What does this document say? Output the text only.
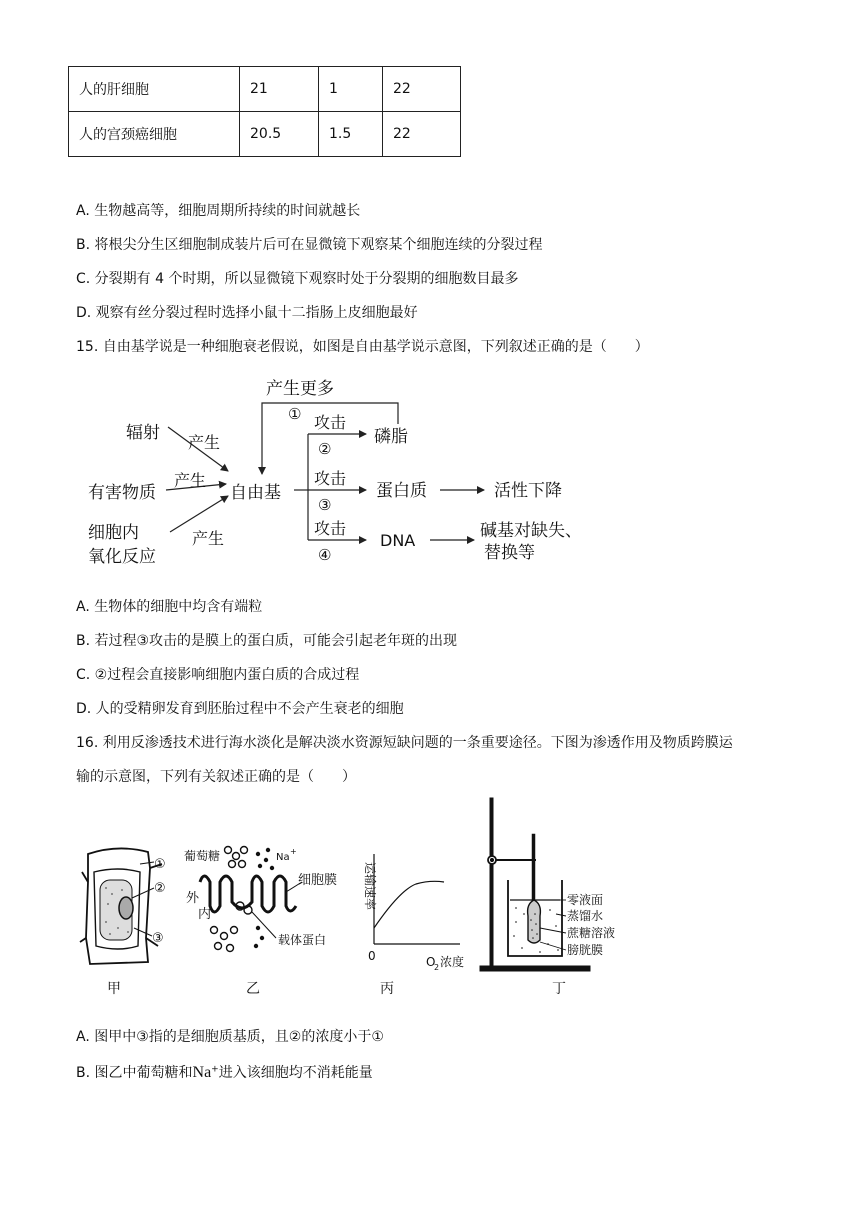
人的肝细胞	21	1	22
人的宫颈癌细胞	20.5	1.5	22
A. 生物越高等，细胞周期所持续的时间就越长
B. 将根尖分生区细胞制成装片后可在显微镜下观察某个细胞连续的分裂过程
C. 分裂期有 4 个时期，所以显微镜下观察时处于分裂期的细胞数目最多
D. 观察有丝分裂过程时选择小鼠十二指肠上皮细胞最好
15. 自由基学说是一种细胞衰老假说，如图是自由基学说示意图，下列叙述正确的是（　　）
产生更多
①
辐射 产生
有害物质
产生
细胞内
氧化反应
产生
自由基
攻击
②
攻击
③
攻击
④
磷脂
蛋白质
DNA
活性下降
碱基对缺失、
替换等
A. 生物体的细胞中均含有端粒
B. 若过程③攻击的是膜上的蛋白质，可能会引起老年斑的出现
C. ②过程会直接影响细胞内蛋白质的合成过程
D. 人的受精卵发育到胚胎过程中不会产生衰老的细胞
16. 利用反渗透技术进行海水淡化是解决淡水资源短缺问题的一条重要途径。下图为渗透作用及物质跨膜运
输的示意图，下列有关叙述正确的是（　　）
①
②
③
甲
葡萄糖	Na
+
细胞膜
外
内
载体蛋白
乙
运输速率
0	O
2 浓度
丙
零液面
蒸馏水
蔗糖溶液
膀胱膜
丁
A. 图甲中③指的是细胞质基质，且②的浓度小于①
B. 图乙中葡萄糖和Na+进入该细胞均不消耗能量
